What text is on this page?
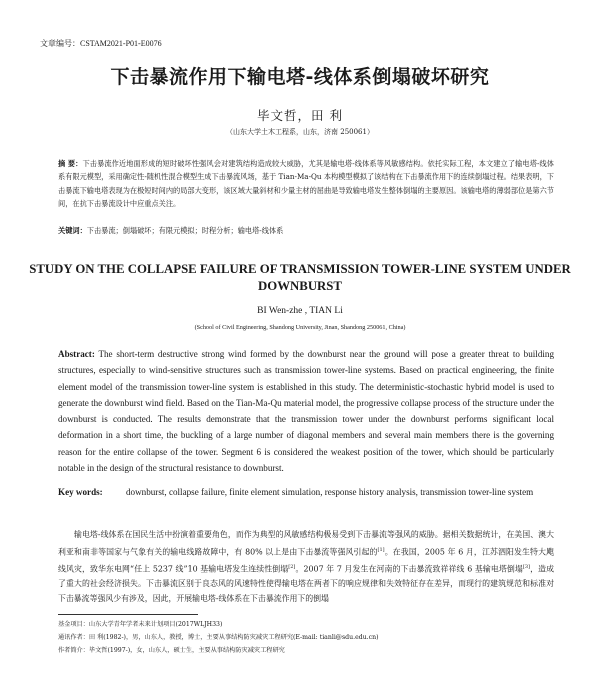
文章编号：CSTAM2021-P01-E0076
下击暴流作用下输电塔-线体系倒塌破坏研究
毕文哲，田 利
（山东大学土木工程系，山东，济南 250061）
摘 要：下击暴流作近地面形成的短时破坏性强风会对建筑结构造成较大威胁，尤其是输电塔-线体系等风敏感结构。依托实际工程，本文建立了输电塔-线体系有限元模型，采用确定性-随机性混合模型生成下击暴流风场，基于 Tian-Ma-Qu 本构模型模拟了该结构在下击暴流作用下的连续倒塌过程。结果表明，下击暴流下输电塔表现为在极短时间内的局部大变形，该区域大量斜材和少量主材的屈曲是导致输电塔发生整体倒塌的主要原因。该输电塔的薄弱部位是第六节间，在抗下击暴流设计中应重点关注。
关键词：下击暴流；倒塌破坏；有限元模拟；时程分析；输电塔-线体系
STUDY ON THE COLLAPSE FAILURE OF TRANSMISSION TOWER-LINE SYSTEM UNDER DOWNBURST
BI Wen-zhe , TIAN Li
(School of Civil Engineering, Shandong University, Jinan, Shandong 250061, China)
Abstract: The short-term destructive strong wind formed by the downburst near the ground will pose a greater threat to building structures, especially to wind-sensitive structures such as transmission tower-line systems. Based on practical engineering, the finite element model of the transmission tower-line system is established in this study. The deterministic-stochastic hybrid model is used to generate the downburst wind field. Based on the Tian-Ma-Qu material model, the progressive collapse process of the structure under the downburst is conducted. The results demonstrate that the transmission tower under the downburst performs significant local deformation in a short time, the buckling of a large number of diagonal members and several main members there is the governing reason for the entire collapse of the tower. Segment 6 is considered the weakest position of the tower, which should be particularly notable in the design of the structural resistance to downburst.
Key words:	downburst, collapse failure, finite element simulation, response history analysis, transmission tower-line system
输电塔-线体系在国民生活中扮演着重要角色，而作为典型的风敏感结构极易受到下击暴流等强风的威胁。据相关数据统计，在美国、澳大利亚和南非等国家与气象有关的输电线路故障中，有 80% 以上是由下击暴流等强风引起的[1]。在我国，2005 年 6 月，江苏泗阳发生特大飑线风灾，致华东电网“任上 5237 线”10 基输电塔发生连续性倒塌[2]。2007 年 7 月发生在河南的下击暴流致祥祥线 6 基输电塔倒塌[3]，造成了重大的社会经济损失。下击暴流区别于良态风的风速特性使得输电塔在两者下的响应规律和失效特征存在差异，而现行的建筑规范和标准对下击暴流等强风少有涉及，因此，开展输电塔-线体系在下击暴流作用下的倒塌
基金项目：山东大学青年学者未来计划项目(2017WLJH33)
通讯作者：田 利(1982-)，男，山东人，教授，博士，主要从事结构防灾减灾工程研究(E-mail: tianli@sdu.edu.cn)
作者简介：毕文哲(1997-)，女，山东人，硕士生，主要从事结构防灾减灾工程研究
